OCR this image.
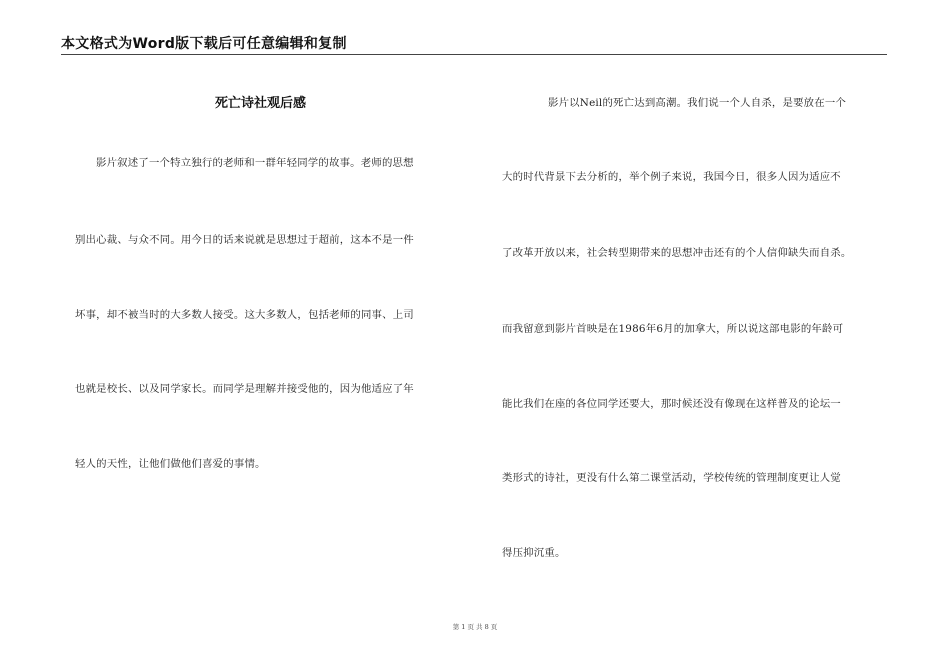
本文格式为Word版下载后可任意编辑和复制
死亡诗社观后感
影片叙述了一个特立独行的老师和一群年轻同学的故事。老师的思想
别出心裁、与众不同。用今日的话来说就是思想过于超前，这本不是一件
坏事，却不被当时的大多数人接受。这大多数人，包括老师的同事、上司
也就是校长、以及同学家长。而同学是理解并接受他的，因为他适应了年
轻人的天性，让他们做他们喜爱的事情。
影片以Neil的死亡达到高潮。我们说一个人自杀，是要放在一个
大的时代背景下去分析的，举个例子来说，我国今日，很多人因为适应不
了改革开放以来，社会转型期带来的思想冲击还有的个人信仰缺失而自杀。
而我留意到影片首映是在1986年6月的加拿大，所以说这部电影的年龄可
能比我们在座的各位同学还要大，那时候还没有像现在这样普及的论坛一
类形式的诗社，更没有什么第二课堂活动，学校传统的管理制度更让人觉
得压抑沉重。
第 1 页 共 8 页
